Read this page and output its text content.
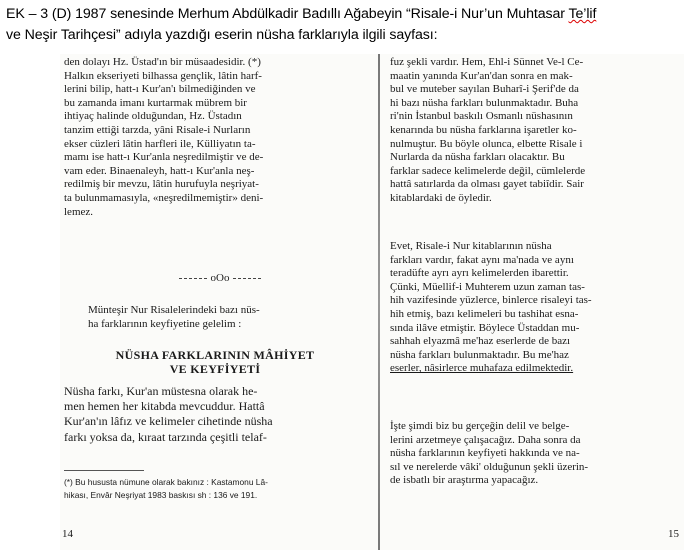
EK – 3 (D) 1987 senesinde Merhum Abdülkadir Badıllı Ağabeyin “Risale-i Nur’un Muhtasar Te’lif
ve Neşir Tarihçesi” adıyla yazdığı eserin nüsha farklarıyla ilgili sayfası:
den dolayı Hz. Üstad'ın bir müsaadesidir. (*)
Halkın ekseriyeti bilhassa gençlik, lâtin harf-
lerini bilip, hatt-ı Kur'an'ı bilmediğinden ve
bu zamanda imanı kurtarmak mübrem bir
ihtiyaç halinde olduğundan, Hz. Üstadın
tanzim ettiği tarzda, yâni Risale-i Nurların
ekser cüzleri lâtin harfleri ile, Külliyatın ta-
mamı ise hatt-ı Kur'anla neşredilmiştir ve de-
vam eder. Binaenaleyh, hatt-ı Kur'anla neş-
redilmiş bir mevzu, lâtin hurufuyla neşriyat-
ta bulunmamasıyla, «neşredilmemiştir» deni-
lemez.
oOo
Münteşir Nur Risalelerindeki bazı nüs-
ha farklarının keyfiyetine gelelim :
NÜSHA FARKLARININ MÂHİYET
VE KEYFİYETİ
Nüsha farkı, Kur'an müstesna olarak he-
men hemen her kitabda mevcuddur. Hattâ
Kur'an'ın lâfız ve kelimeler cihetinde nüsha
farkı yoksa da, kıraat tarzında çeşitli telaf-
(*) Bu hususta nümune olarak bakınız : Kastamonu Lâ-
hikası, Envâr Neşriyat 1983 baskısı sh : 136 ve 191.
14
fuz şekli vardır. Hem, Ehl-i Sünnet Ve-l Ce-
maatin yanında Kur'an'dan sonra en mak-
bul ve muteber sayılan Buharî-i Şerif'de da
hi bazı nüsha farkları bulunmaktadır. Buha
ri'nin İstanbul baskılı Osmanlı nüshasının
kenarında bu nüsha farklarına işaretler ko-
nulmuştur. Bu böyle olunca, elbette Risale i
Nurlarda da nüsha farkları olacaktır. Bu
farklar sadece kelimelerde değil, cümlelerde
hattâ satırlarda da olması gayet tabiîdir. Sair
kitablardaki de öyledir.
Evet, Risale-i Nur kitablarının nüsha
farkları vardır, fakat aynı ma'nada ve aynı
teradüfte ayrı ayrı kelimelerden ibarettir.
Çünki, Müellif-i Muhterem uzun zaman tas-
hih vazifesinde yüzlerce, binlerce risaleyi tas-
hih etmiş, bazı kelimeleri bu tashihat esna-
sında ilâve etmiştir. Böylece Üstaddan mu-
sahhah elyazmâ me'haz eserlerde de bazı
nüsha farkları bulunmaktadır. Bu me'haz
eserler, nâsirlerce muhafaza edilmektedir.
İşte şimdi biz bu gerçeğin delil ve belge-
lerini arzetmeye çalışacağız. Daha sonra da
nüsha farklarının keyfiyeti hakkında ve na-
sıl ve nerelerde vâki' olduğunun şekli üzerin-
de isbatlı bir araştırma yapacağız.
15
